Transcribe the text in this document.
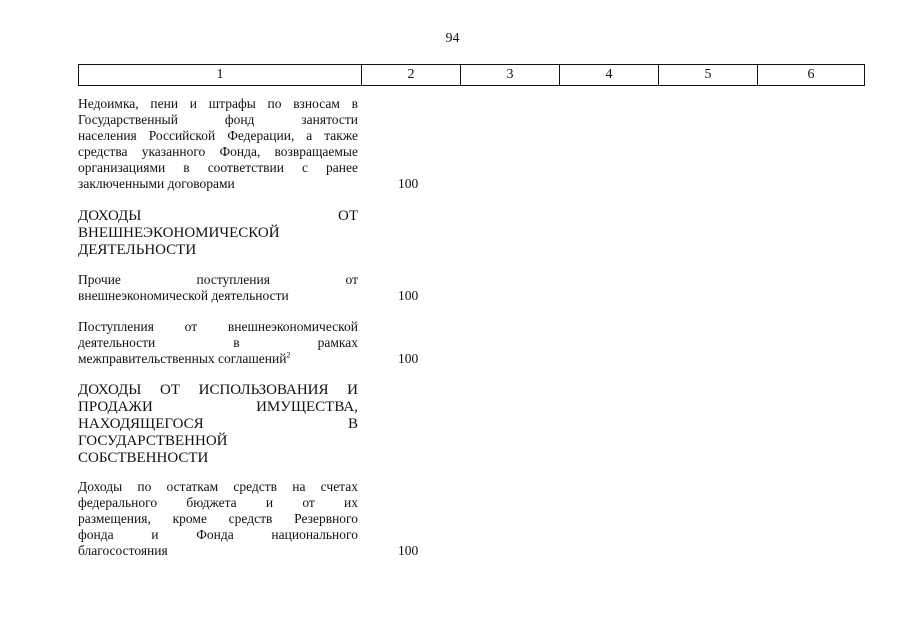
94
1	2	3	4	5	6
Недоимка, пени и штрафы по взносам в
Государственный фонд занятости
населения Российской Федерации, а также
средства указанного Фонда, возвращаемые
организациями в соответствии с ранее
заключенными договорами	100
ДОХОДЫ ОТ
ВНЕШНЕЭКОНОМИЧЕСКОЙ
ДЕЯТЕЛЬНОСТИ
Прочие поступления от
внешнеэкономической деятельности	100
Поступления от внешнеэкономической
деятельности в рамках
межправительственных соглашений$^2$	100
ДОХОДЫ ОТ ИСПОЛЬЗОВАНИЯ И
ПРОДАЖИ ИМУЩЕСТВА,
НАХОДЯЩЕГОСЯ В
ГОСУДАРСТВЕННОЙ
СОБСТВЕННОСТИ
Доходы по остаткам средств на счетах
федерального бюджета и от их
размещения, кроме средств Резервного
фонда и Фонда национального
благосостояния	100
